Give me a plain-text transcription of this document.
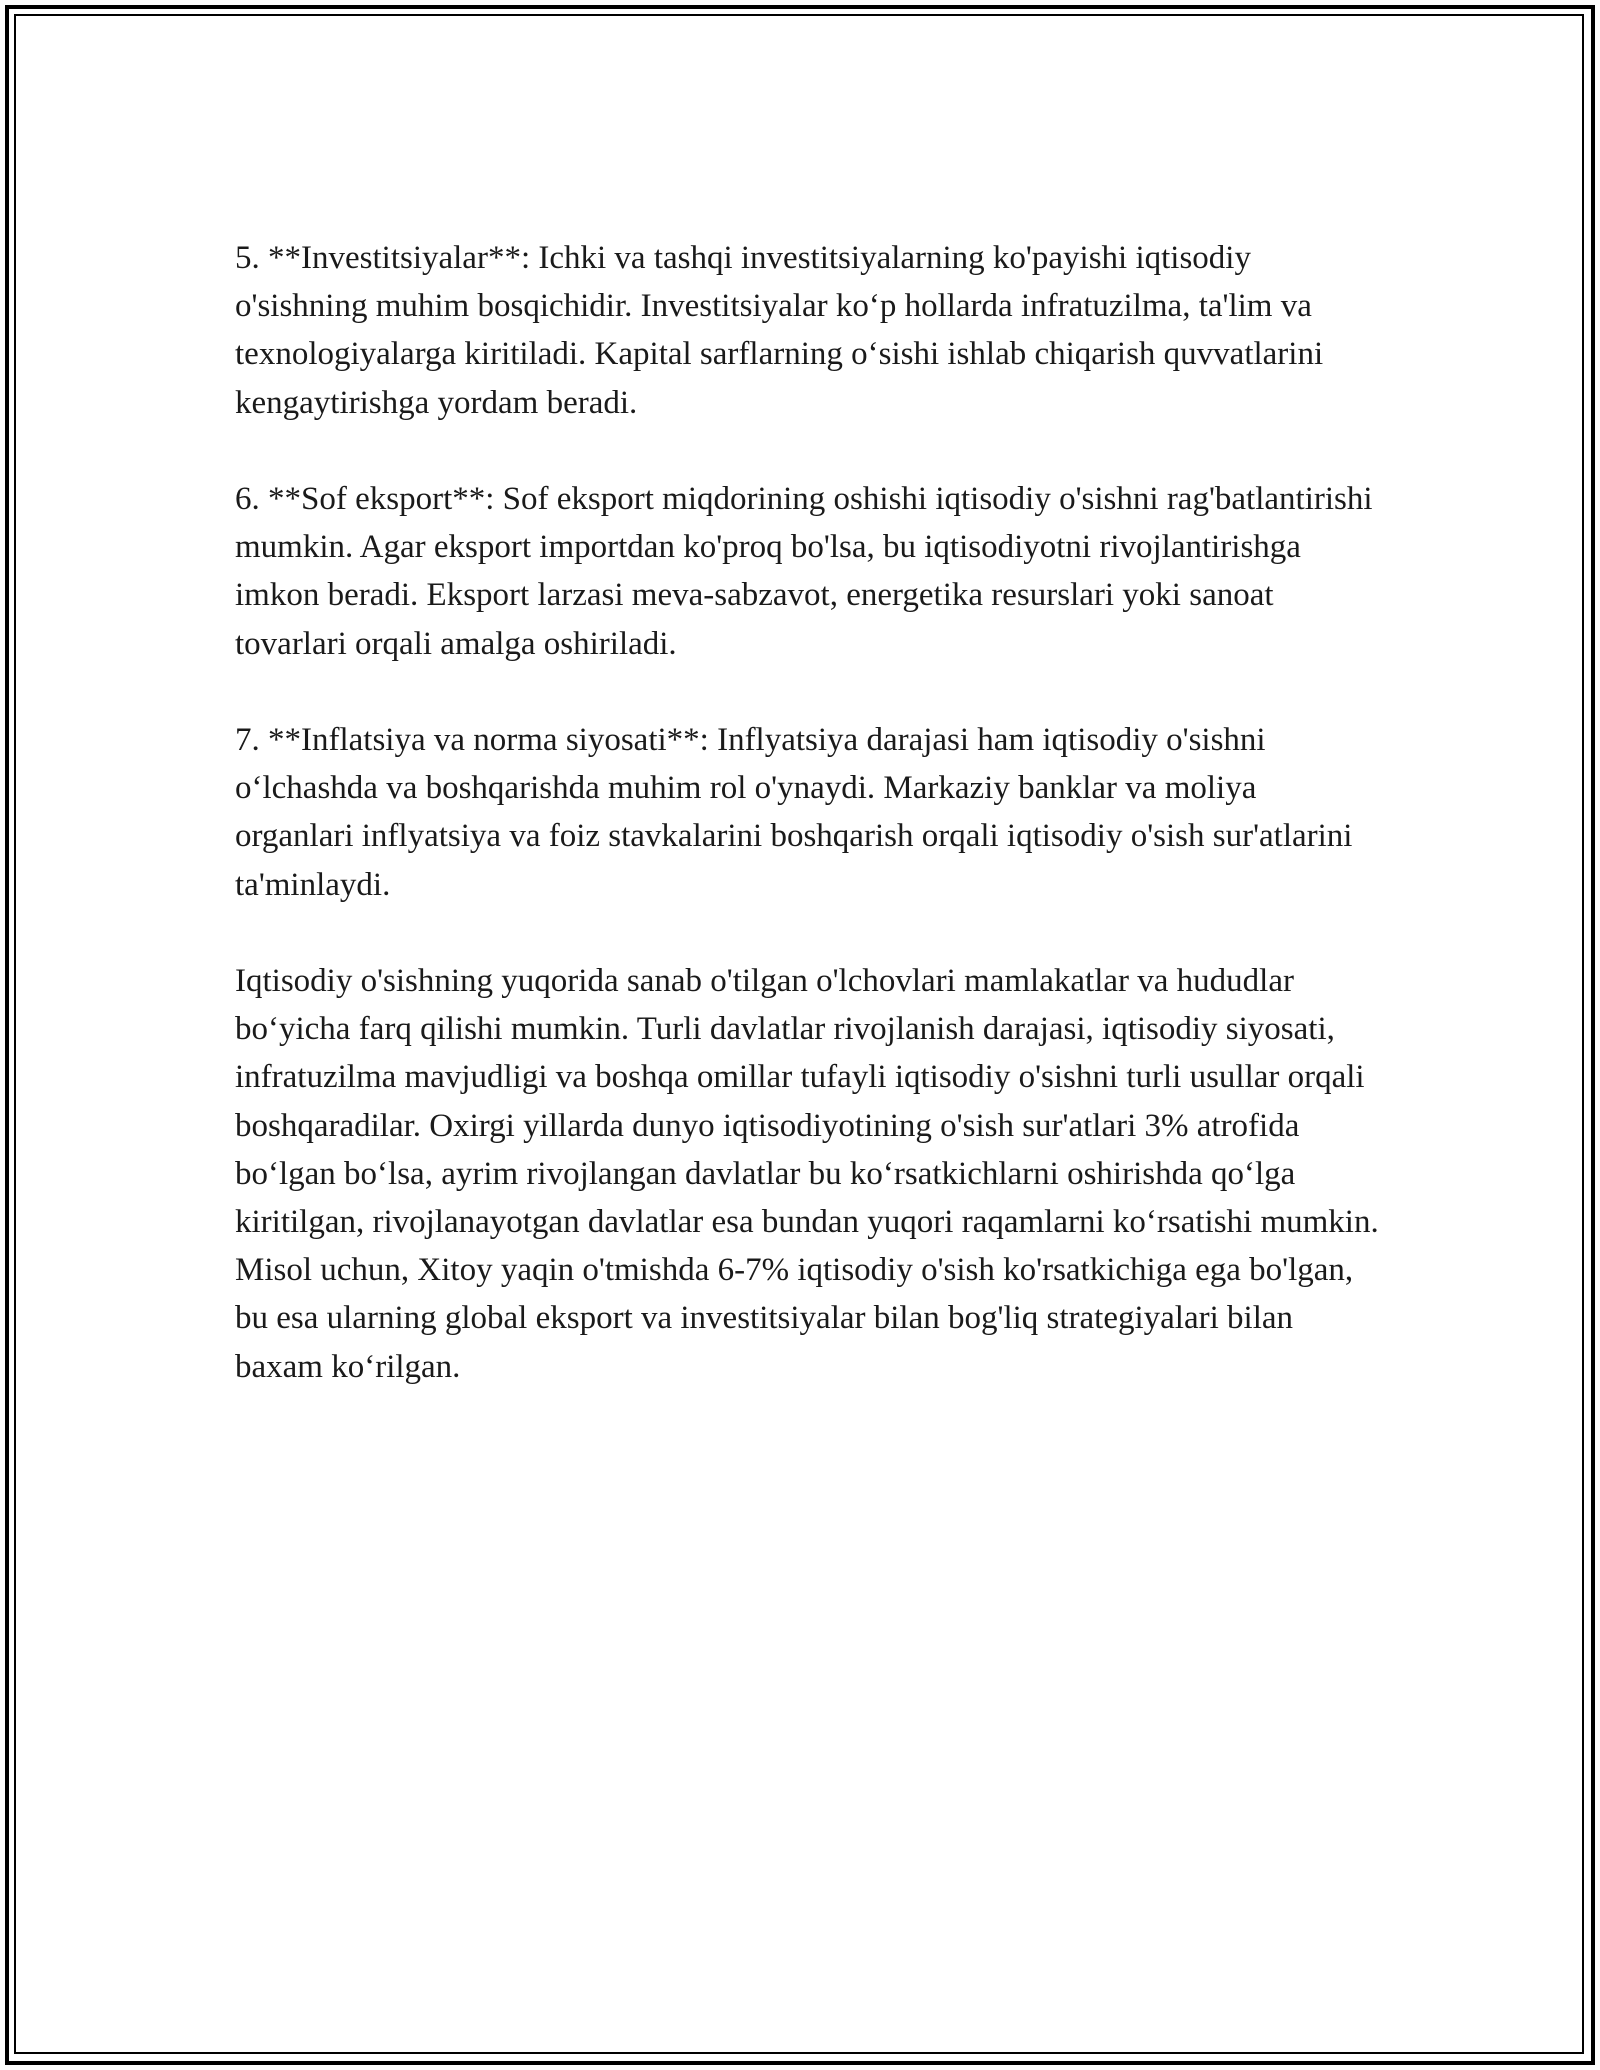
5. **Investitsiyalar**: Ichki va tashqi investitsiyalarning ko'payishi iqtisodiy o'sishning muhim bosqichidir. Investitsiyalar ko‘p hollarda infratuzilma, ta'lim va texnologiyalarga kiritiladi. Kapital sarflarning o‘sishi ishlab chiqarish quvvatlarini kengaytirishga yordam beradi.

6. **Sof eksport**: Sof eksport miqdorining oshishi iqtisodiy o'sishni rag'batlantirishi mumkin. Agar eksport importdan ko'proq bo'lsa, bu iqtisodiyotni rivojlantirishga imkon beradi. Eksport larzasi meva-sabzavot, energetika resurslari yoki sanoat tovarlari orqali amalga oshiriladi.

7. **Inflatsiya va norma siyosati**: Inflyatsiya darajasi ham iqtisodiy o'sishni o‘lchashda va boshqarishda muhim rol o'ynaydi. Markaziy banklar va moliya organlari inflyatsiya va foiz stavkalarini boshqarish orqali iqtisodiy o'sish sur'atlarini ta'minlaydi.

Iqtisodiy o'sishning yuqorida sanab o'tilgan o'lchovlari mamlakatlar va hududlar bo‘yicha farq qilishi mumkin. Turli davlatlar rivojlanish darajasi, iqtisodiy siyosati, infratuzilma mavjudligi va boshqa omillar tufayli iqtisodiy o'sishni turli usullar orqali boshqaradilar. Oxirgi yillarda dunyo iqtisodiyotining o'sish sur'atlari 3% atrofida bo‘lgan bo‘lsa, ayrim rivojlangan davlatlar bu ko‘rsatkichlarni oshirishda qo‘lga kiritilgan, rivojlanayotgan davlatlar esa bundan yuqori raqamlarni ko‘rsatishi mumkin. Misol uchun, Xitoy yaqin o'tmishda 6-7% iqtisodiy o'sish ko'rsatkichiga ega bo'lgan, bu esa ularning global eksport va investitsiyalar bilan bog'liq strategiyalari bilan baxam ko‘rilgan.
